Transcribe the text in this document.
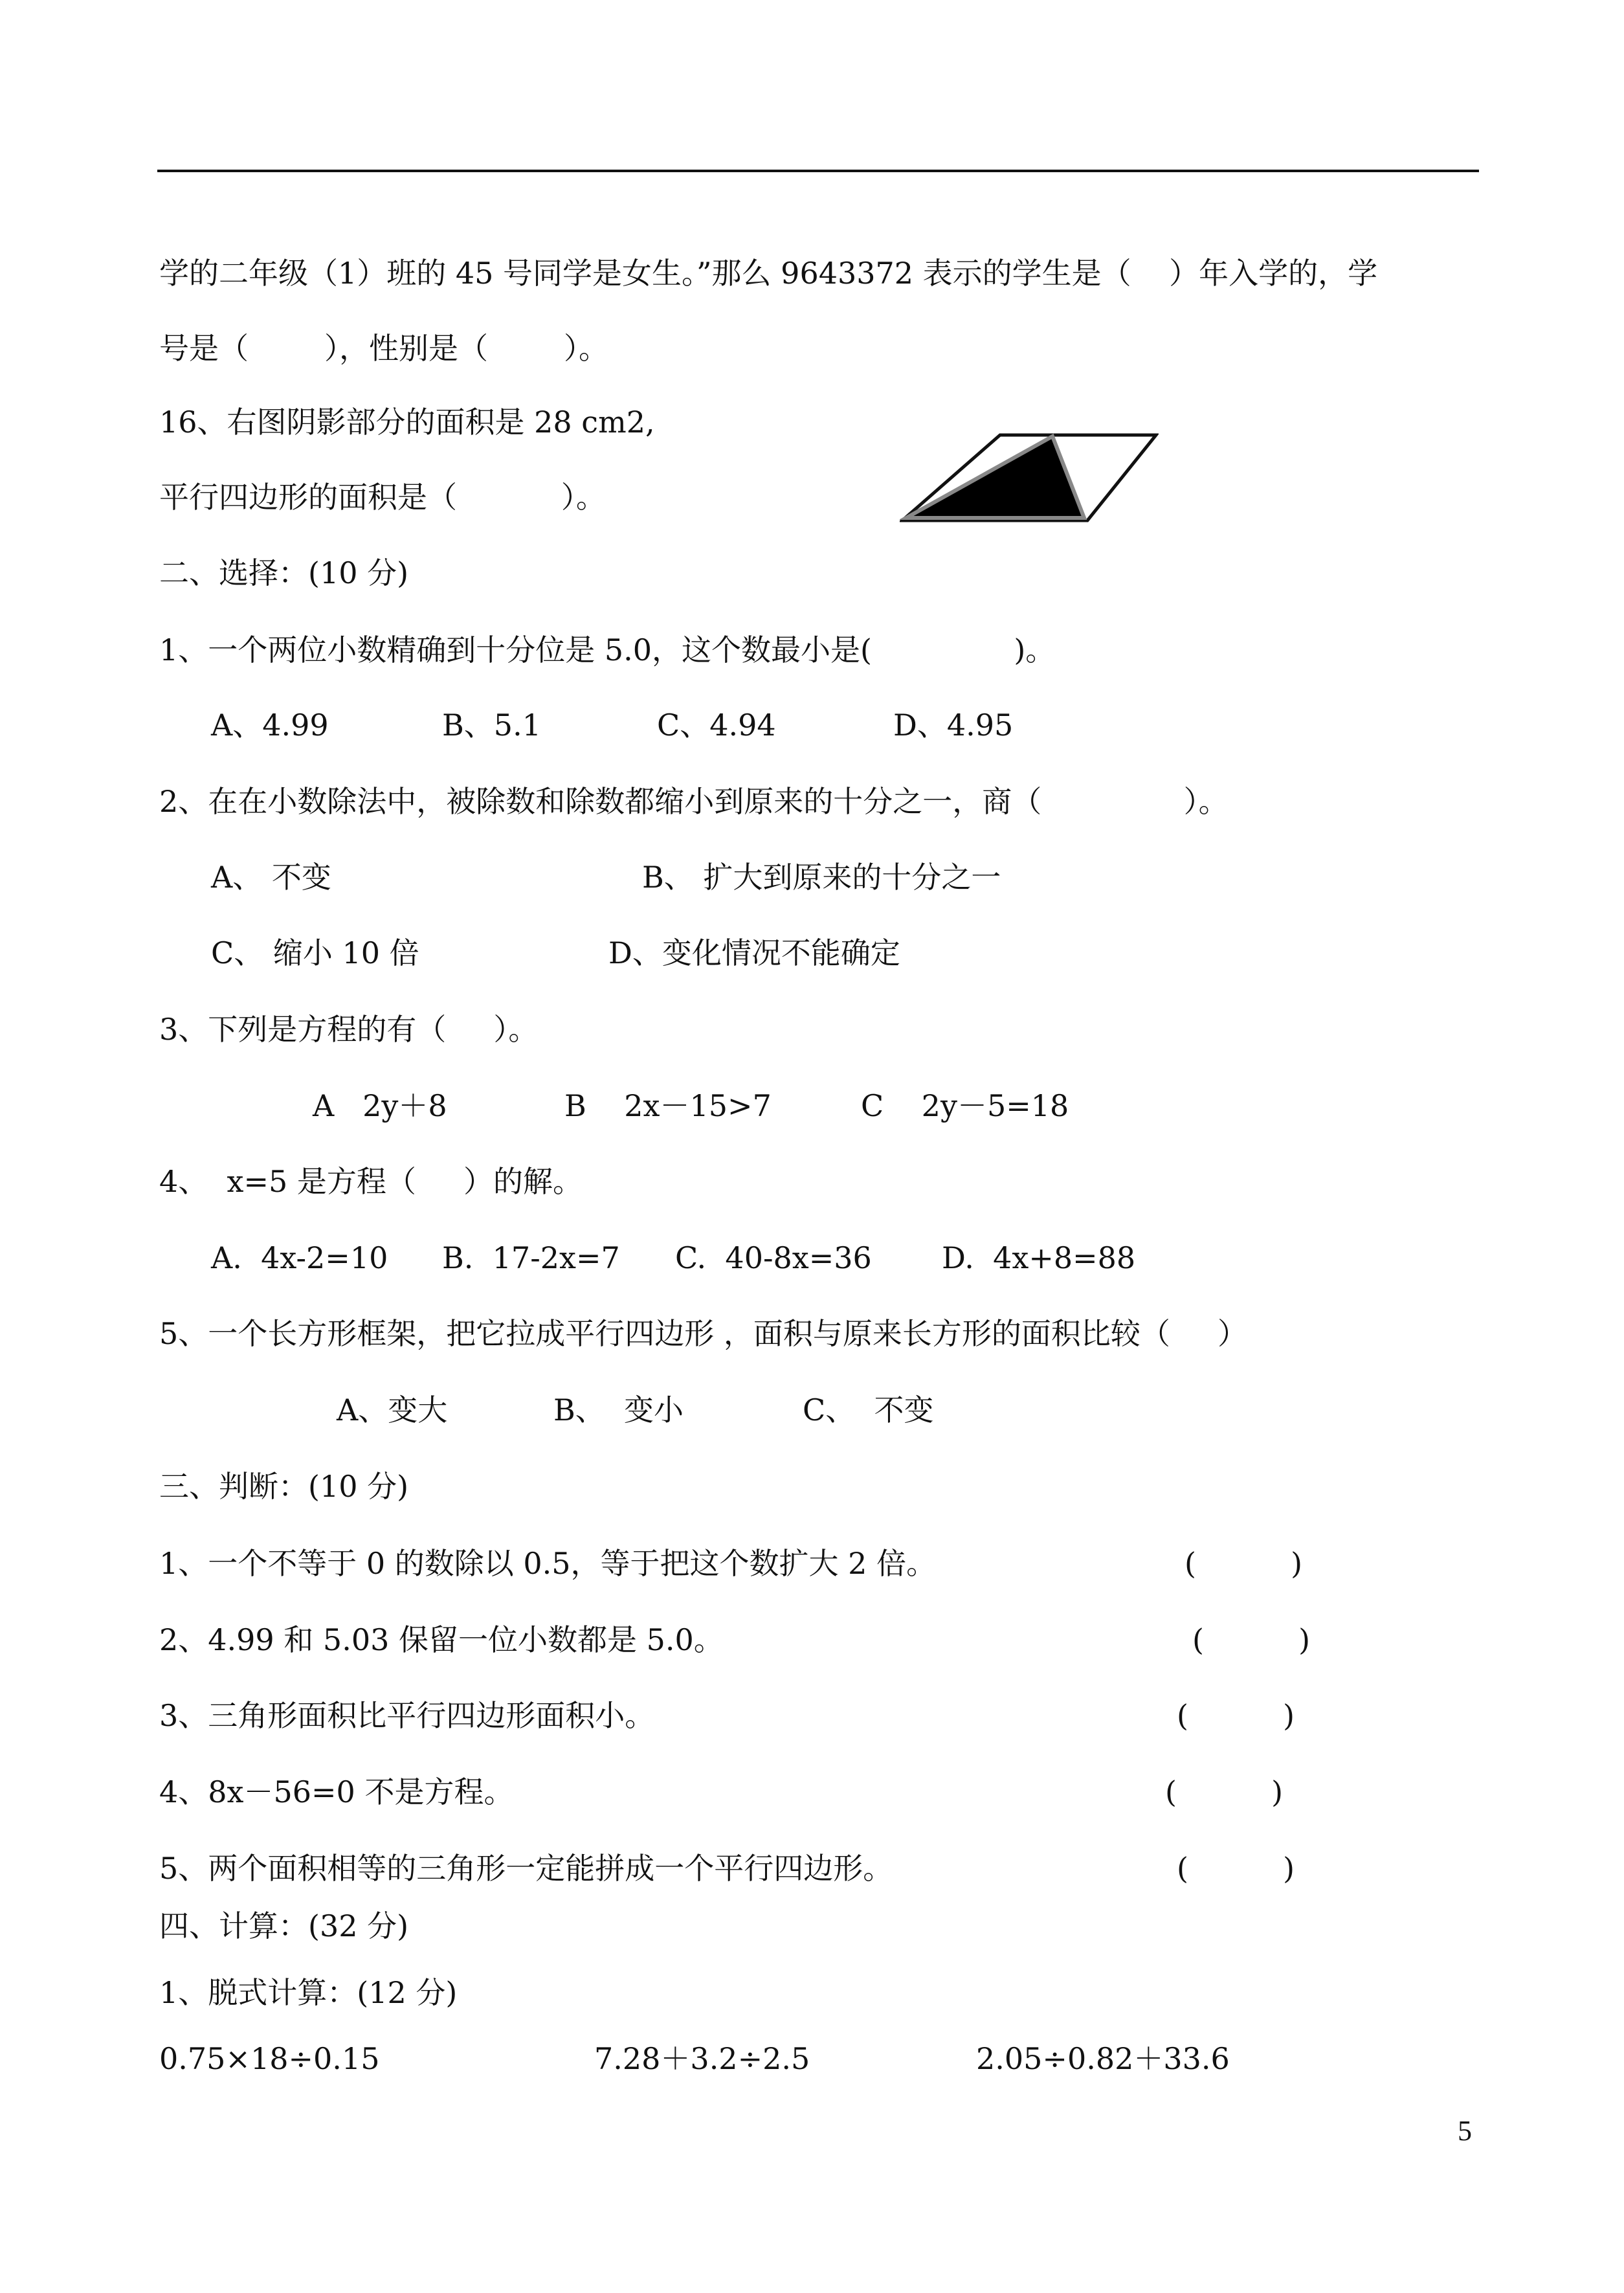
学的二年级（1）班的 45 号同学是女生。”那么 9643372 表示的学生是（    ）年入学的，学
号是（        ），性别是（        ）。
16、右图阴影部分的面积是 28 cm2,
平行四边形的面积是（           ）。
二、选择：(10 分)
1、一个两位小数精确到十分位是 5.0，这个数最小是(               )。
A、4.99	B、5.1	C、4.94	D、4.95
2、在在小数除法中，被除数和除数都缩小到原来的十分之一，商（               ）。
A、 不变	B、 扩大到原来的十分之一
C、 缩小 10 倍	D、变化情况不能确定
3、下列是方程的有（     ）。
A   2y＋8	B    2x－15>7	C    2y－5=18
4、  x=5 是方程（     ）的解。
A.  4x-2=10 B.  17-2x=7 C.  40-8x=36 D.  4x+8=88
5、一个长方形框架，把它拉成平行四边形 ，面积与原来长方形的面积比较（     ）
A、变大	B、  变小	C、  不变
三、判断：(10 分)
1、一个不等于 0 的数除以 0.5，等于把这个数扩大 2 倍。	(          )
2、4.99 和 5.03 保留一位小数都是 5.0。	(          )
3、三角形面积比平行四边形面积小。	(          )
4、8x－56=0 不是方程。	(          )
5、两个面积相等的三角形一定能拼成一个平行四边形。	(          )
四、计算：(32 分)
1、脱式计算：(12 分)
0.75×18÷0.15	7.28＋3.2÷2.5	2.05÷0.82＋33.6
5
